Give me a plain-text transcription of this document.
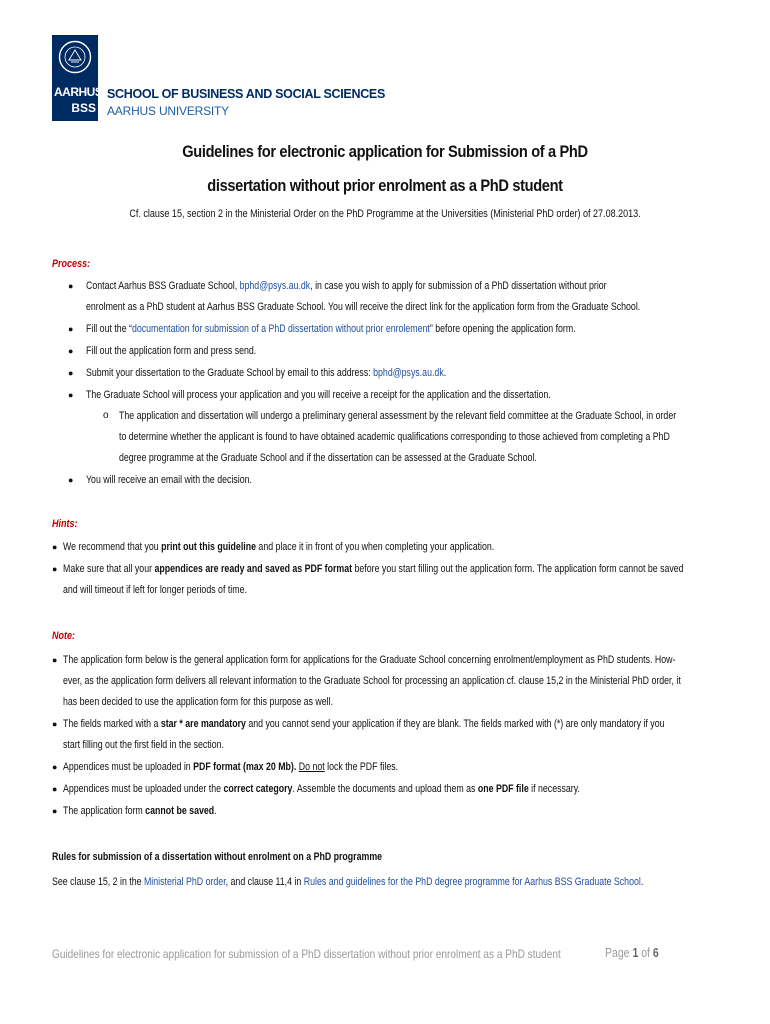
AARHUS
BSS
SCHOOL OF BUSINESS AND SOCIAL SCIENCES
AARHUS UNIVERSITY
Guidelines for electronic application for Submission of a PhD
dissertation without prior enrolment as a PhD student
Cf. clause 15, section 2 in the Ministerial Order on the PhD Programme at the Universities (Ministerial PhD order) of 27.08.2013.
Process:
● Contact Aarhus BSS Graduate School, bphd@psys.au.dk, in case you wish to apply for submission of a PhD dissertation without prior
enrolment as a PhD student at Aarhus BSS Graduate School. You will receive the direct link for the application form from the Graduate School.
● Fill out the “documentation for submission of a PhD dissertation without prior enrolement” before opening the application form.
● Fill out the application form and press send.
● Submit your dissertation to the Graduate School by email to this address: bphd@psys.au.dk.
● The Graduate School will process your application and you will receive a receipt for the application and the dissertation.
o The application and dissertation will undergo a preliminary general assessment by the relevant field committee at the Graduate School, in order
to determine whether the applicant is found to have obtained academic qualifications corresponding to those achieved from completing a PhD
degree programme at the Graduate School and if the dissertation can be assessed at the Graduate School.
● You will receive an email with the decision.
Hints:
● We recommend that you print out this guideline and place it in front of you when completing your application.
● Make sure that all your appendices are ready and saved as PDF format before you start filling out the application form. The application form cannot be saved
and will timeout if left for longer periods of time.
Note:
● The application form below is the general application form for applications for the Graduate School concerning enrolment/employment as PhD students. How-
ever, as the application form delivers all relevant information to the Graduate School for processing an application cf. clause 15,2 in the Ministerial PhD order, it
has been decided to use the application form for this purpose as well.
● The fields marked with a star * are mandatory and you cannot send your application if they are blank. The fields marked with (*) are only mandatory if you
start filling out the first field in the section.
● Appendices must be uploaded in PDF format (max 20 Mb). Do not lock the PDF files.
● Appendices must be uploaded under the correct category. Assemble the documents and upload them as one PDF file if necessary.
● The application form cannot be saved.
Rules for submission of a dissertation without enrolment on a PhD programme
See clause 15, 2 in the Ministerial PhD order, and clause 11,4 in Rules and guidelines for the PhD degree programme for Aarhus BSS Graduate School.
Guidelines for electronic application for submission of a PhD dissertation without prior enrolment as a PhD student	Page 1 of 6
